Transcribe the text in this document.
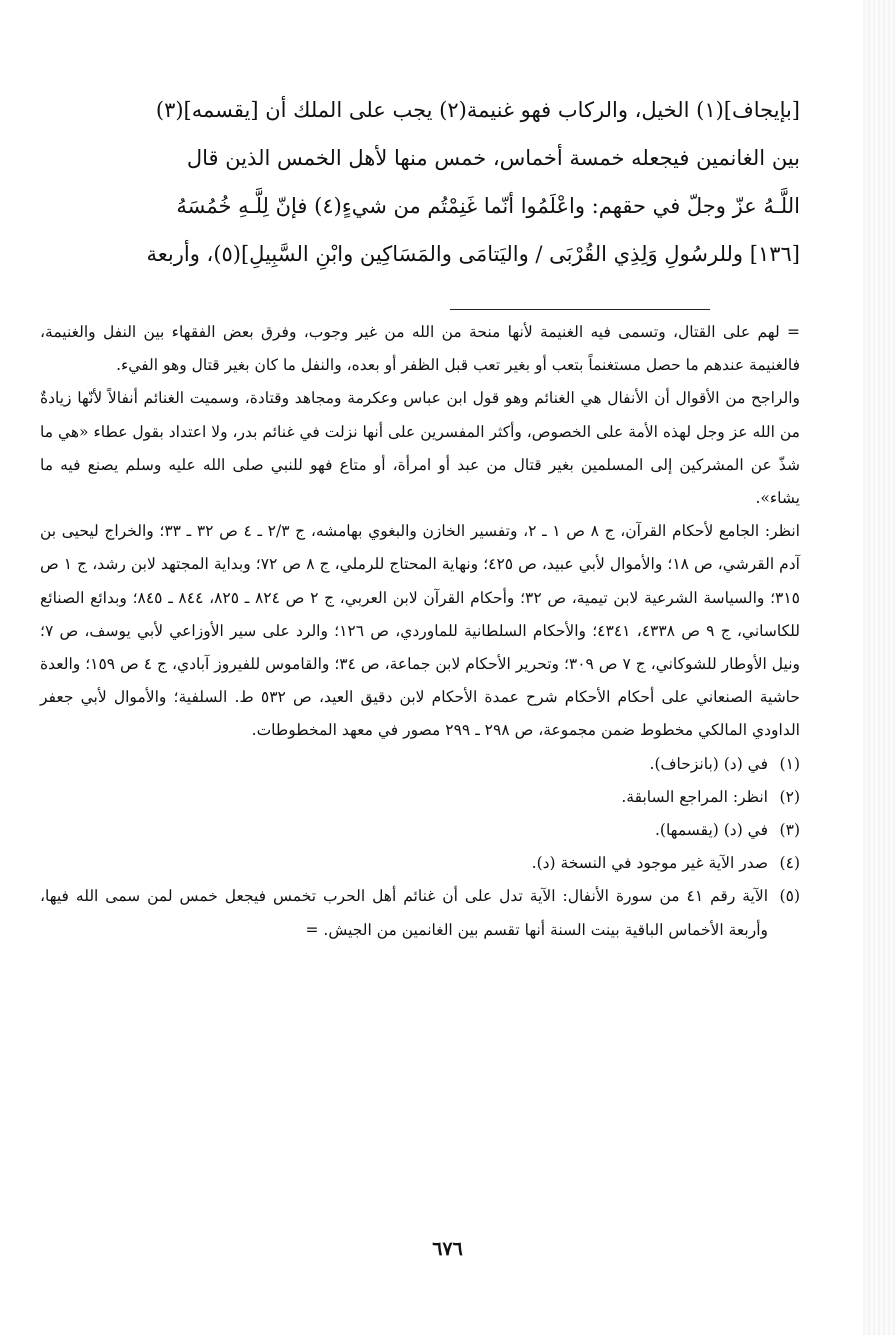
[بإيجاف](١) الخيل، والركاب فهو غنيمة(٢) يجب على الملك أن [يقسمه](٣)

بين الغانمين فيجعله خمسة أخماس، خمس منها لأهل الخمس الذين قال

اللَّـهُ عزّ وجلّ في حقهم: واعْلَمُوا أنّما غَنِمْتُم من شيءٍ(٤) فإنّ لِلَّـهِ خُمُسَهُ

[١٣٦] وللرسُولِ وَلِذِي القُرْبَى / واليَتامَى والمَسَاكِين وابْنِ السَّبِيلِ](٥)، وأربعة

= لهم على القتال، وتسمى فيه الغنيمة لأنها منحة من الله من غير وجوب، وفرق بعض الفقهاء بين النفل والغنيمة، فالغنيمة عندهم ما حصل مستغنماً بتعب أو بغير تعب قبل الظفر أو بعده، والنفل ما كان بغير قتال وهو الفيء.

والراجح من الأقوال أن الأنفال هي الغنائم وهو قول ابن عباس وعكرمة ومجاهد وقتادة، وسميت الغنائم أنفالاً لأنّها زيادةٌ من الله عز وجل لهذه الأمة على الخصوص، وأكثر المفسرين على أنها نزلت في غنائم بدر، ولا اعتداد بقول عطاء «هي ما شذّ عن المشركين إلى المسلمين بغير قتال من عبد أو امرأة، أو متاع فهو للنبي صلى الله عليه وسلم يصنع فيه ما يشاء».

انظر: الجامع لأحكام القرآن، ج ٨ ص ١ ـ ٢، وتفسير الخازن والبغوي بهامشه، ج ٢/٣ ـ ٤ ص ٣٢ ـ ٣٣؛ والخراج ليحيى بن آدم القرشي، ص ١٨؛ والأموال لأبي عبيد، ص ٤٢٥؛ ونهاية المحتاج للرملي، ج ٨ ص ٧٢؛ وبداية المجتهد لابن رشد، ج ١ ص ٣١٥؛ والسياسة الشرعية لابن تيمية، ص ٣٢؛ وأحكام القرآن لابن العربي، ج ٢ ص ٨٢٤ ـ ٨٢٥، ٨٤٤ ـ ٨٤٥؛ وبدائع الصنائع للكاساني، ج ٩ ص ٤٣٣٨، ٤٣٤١؛ والأحكام السلطانية للماوردي، ص ١٢٦؛ والرد على سير الأوزاعي لأبي يوسف، ص ٧؛ ونيل الأوطار للشوكاني، ج ٧ ص ٣٠٩؛ وتحرير الأحكام لابن جماعة، ص ٣٤؛ والقاموس للفيروز آبادي، ج ٤ ص ١٥٩؛ والعدة حاشية الصنعاني على أحكام الأحكام شرح عمدة الأحكام لابن دقيق العيد، ص ٥٣٢ ط. السلفية؛ والأموال لأبي جعفر الداودي المالكي مخطوط ضمن مجموعة، ص ٢٩٨ ـ ٢٩٩ مصور في معهد المخطوطات.

(١)
في (د) (بانزحاف).
(٢)
انظر: المراجع السابقة.
(٣)
في (د) (يقسمها).
(٤)
صدر الآية غير موجود في النسخة (د).
(٥)
الآية رقم ٤١ من سورة الأنفال: الآية تدل على أن غنائم أهل الحرب تخمس فيجعل خمس لمن سمى الله فيها، وأربعة الأخماس الباقية بينت السنة أنها تقسم بين الغانمين من الجيش. =
٦٧٦
